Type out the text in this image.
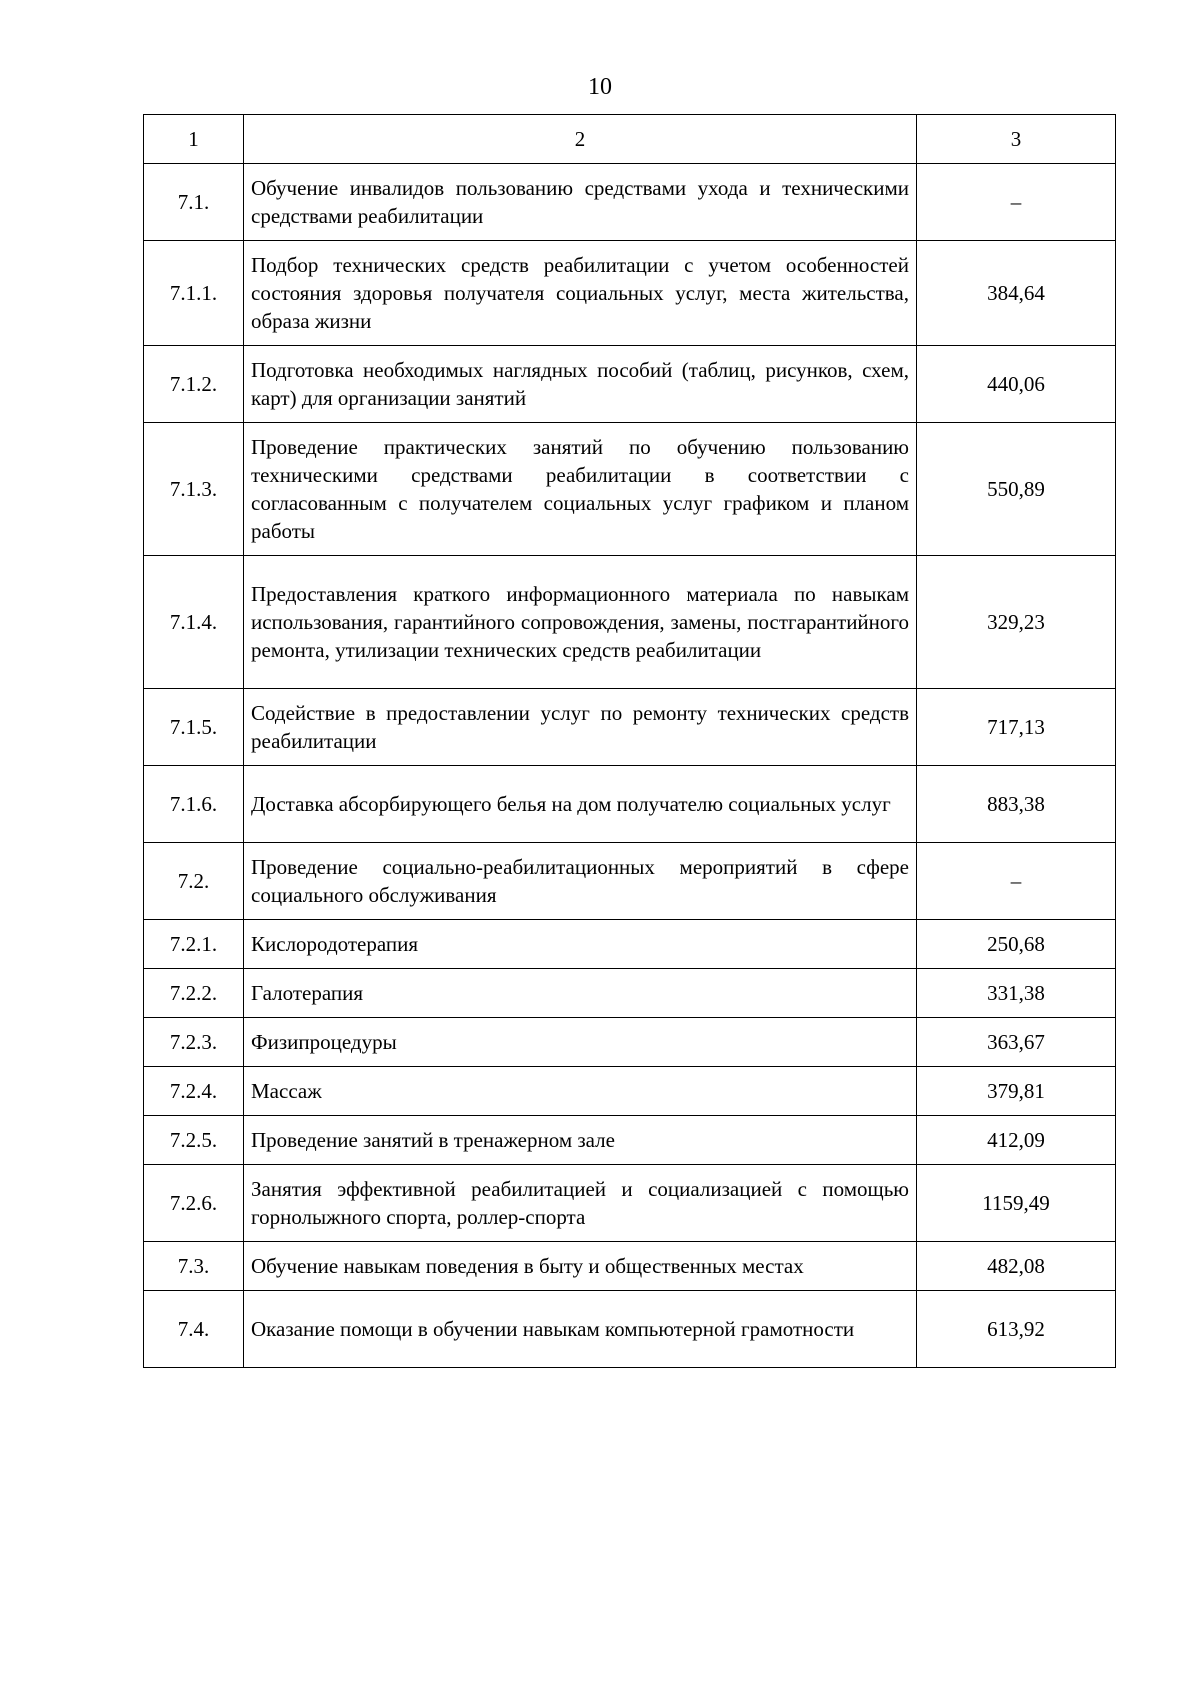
10
1	2	3
7.1.	Обучение инвалидов пользованию средствами ухода и техническими средствами реабилитации	–
7.1.1.	Подбор технических средств реабилитации с учетом особенностей состояния здоровья получателя социальных услуг, места жительства, образа жизни	384,64
7.1.2.	Подготовка необходимых наглядных пособий (таблиц, рисунков, схем, карт) для организации занятий	440,06
7.1.3.	Проведение практических занятий по обучению пользованию техническими средствами реабилитации в соответствии с согласованным с получателем социальных услуг графиком и планом работы	550,89
7.1.4.	Предоставления краткого информационного материала по навыкам использования, гарантийного сопровождения, замены, постгарантийного ремонта, утилизации технических средств реабилитации	329,23
7.1.5.	Содействие в предоставлении услуг по ремонту технических средств реабилитации	717,13
7.1.6.	Доставка абсорбирующего белья на дом получателю социальных услуг	883,38
7.2.	Проведение социально-реабилитационных мероприятий в сфере социального обслуживания	–
7.2.1.	Кислородотерапия	250,68
7.2.2.	Галотерапия	331,38
7.2.3.	Физипроцедуры	363,67
7.2.4.	Массаж	379,81
7.2.5.	Проведение занятий в тренажерном зале	412,09
7.2.6.	Занятия эффективной реабилитацией и социализацией с помощью горнолыжного спорта, роллер-спорта	1159,49
7.3.	Обучение навыкам поведения в быту и общественных местах	482,08
7.4.	Оказание помощи в обучении навыкам компьютерной грамотности	613,92
